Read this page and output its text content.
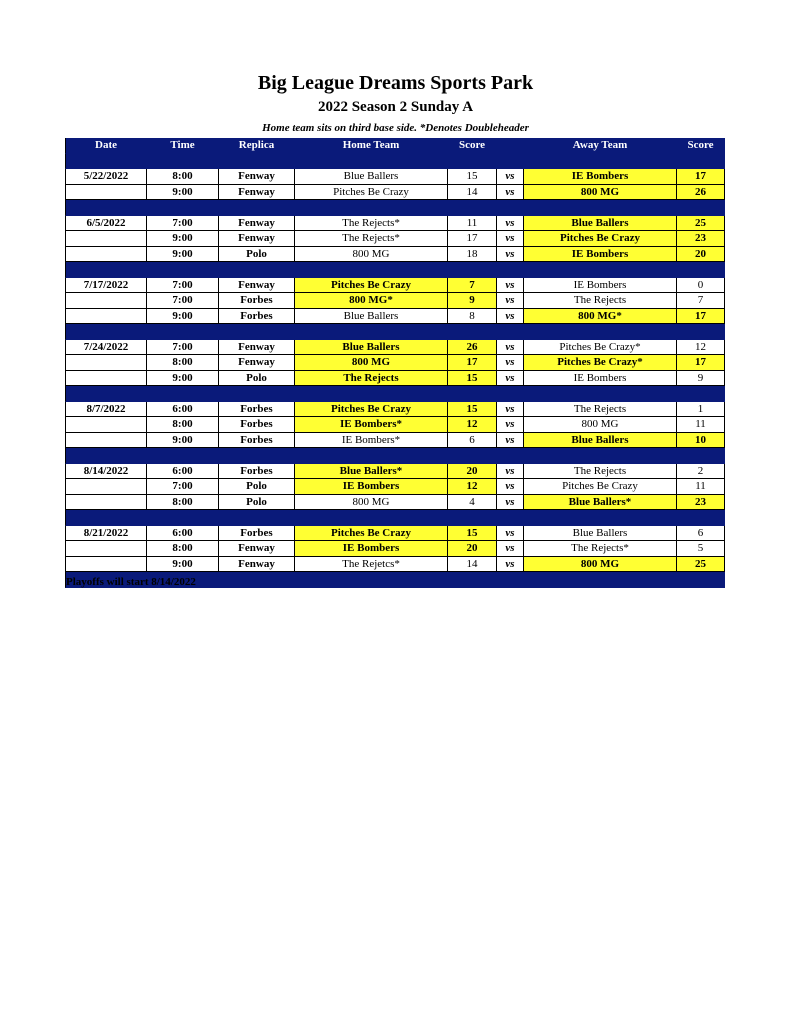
Big League Dreams Sports Park
2022 Season 2 Sunday A
Home team sits on third base side. *Denotes Doubleheader
Date	Time	Replica	Home Team	Score	Away Team	Score
5/22/2022	8:00	Fenway	Blue Ballers	15	vs	IE Bombers	17
9:00	Fenway	Pitches Be Crazy	14	vs	800 MG	26
6/5/2022	7:00	Fenway	The Rejects*	11	vs	Blue Ballers	25
9:00	Fenway	The Rejects*	17	vs	Pitches Be Crazy	23
9:00	Polo	800 MG	18	vs	IE Bombers	20
7/17/2022	7:00	Fenway	Pitches Be Crazy	7	vs	IE Bombers	0
7:00	Forbes	800 MG*	9	vs	The Rejects	7
9:00	Forbes	Blue Ballers	8	vs	800 MG*	17
7/24/2022	7:00	Fenway	Blue Ballers	26	vs	Pitches Be Crazy*	12
8:00	Fenway	800 MG	17	vs	Pitches Be Crazy*	17
9:00	Polo	The Rejects	15	vs	IE Bombers	9
8/7/2022	6:00	Forbes	Pitches Be Crazy	15	vs	The Rejects	1
8:00	Forbes	IE Bombers*	12	vs	800 MG	11
9:00	Forbes	IE Bombers*	6	vs	Blue Ballers	10
8/14/2022	6:00	Forbes	Blue Ballers*	20	vs	The Rejects	2
7:00	Polo	IE Bombers	12	vs	Pitches Be Crazy	11
8:00	Polo	800 MG	4	vs	Blue Ballers*	23
8/21/2022	6:00	Forbes	Pitches Be Crazy	15	vs	Blue Ballers	6
8:00	Fenway	IE Bombers	20	vs	The Rejects*	5
9:00	Fenway	The Rejetcs*	14	vs	800 MG	25
Playoffs will start 8/14/2022
